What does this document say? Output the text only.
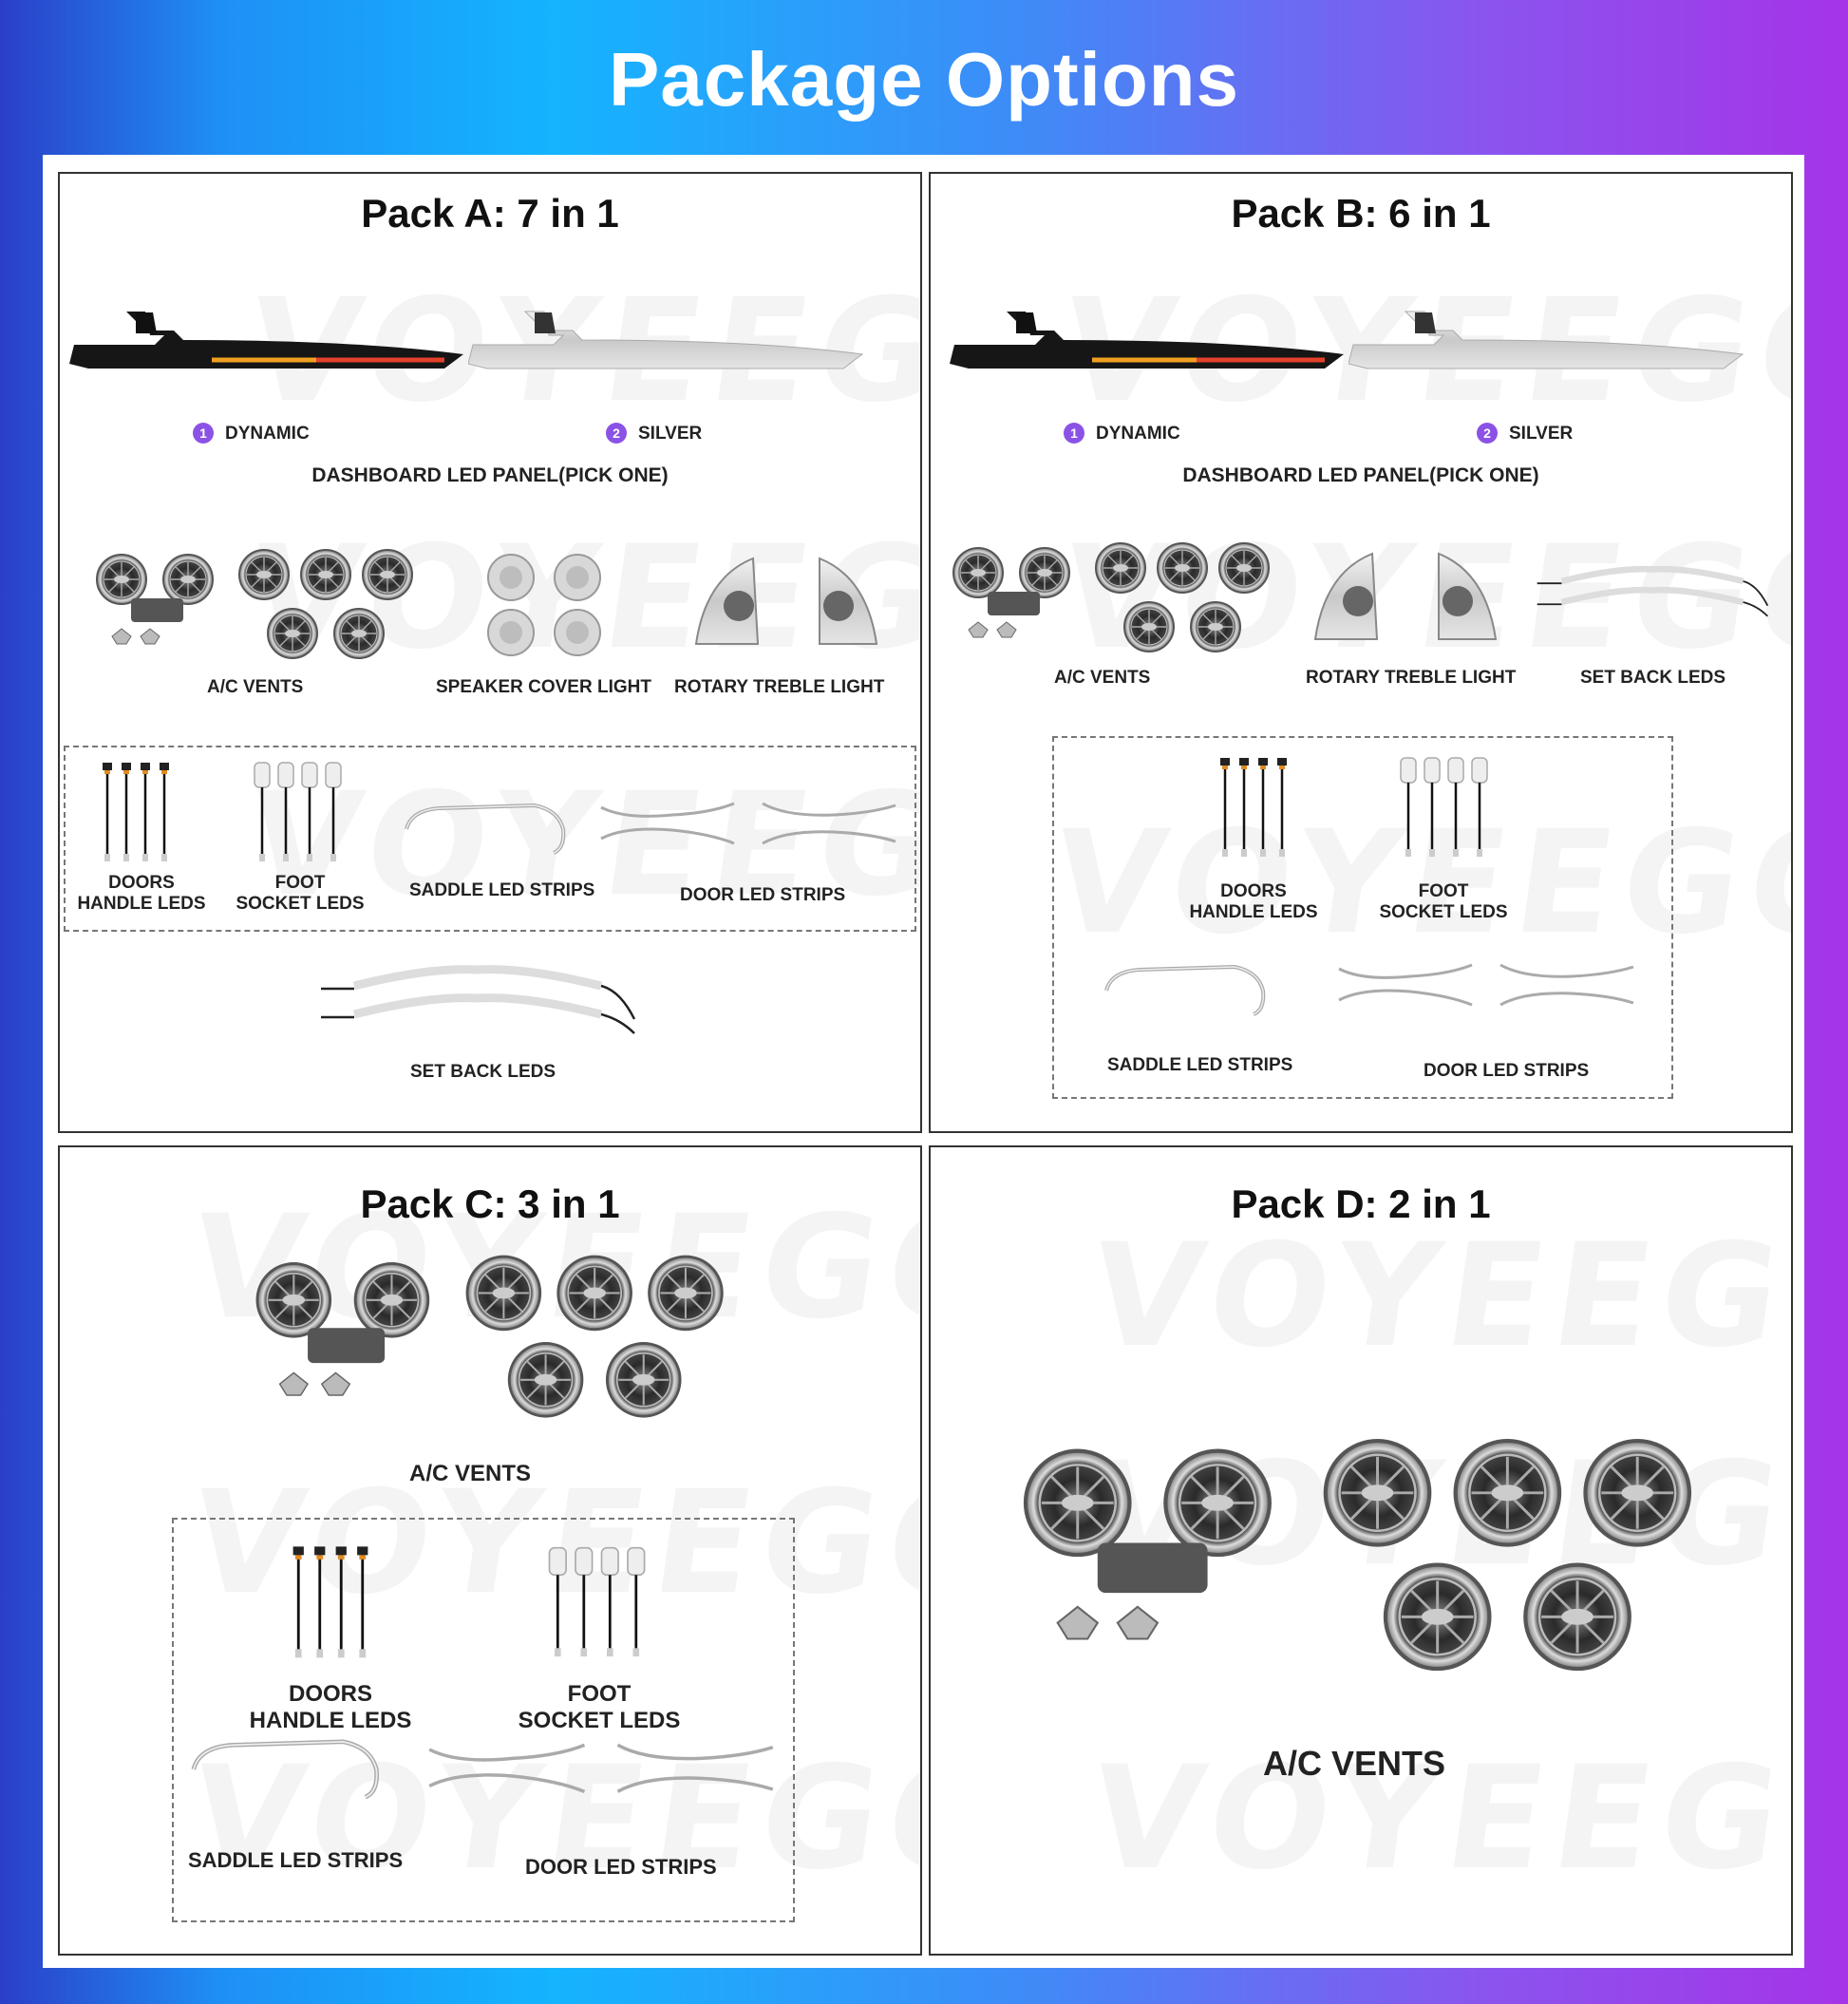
Package Options
Pack A: 7 in 1
1 DYNAMIC	2 SILVER
DASHBOARD LED PANEL(PICK ONE)
A/C VENTS	SPEAKER COVER LIGHT ROTARY TREBLE LIGHT
DOORS
HANDLE LEDS
FOOT
SOCKET LEDS
SADDLE LED STRIPS	DOOR LED STRIPS
SET BACK LEDS
Pack B: 6 in 1
1 DYNAMIC	2 SILVER
DASHBOARD LED PANEL(PICK ONE)
A/C VENTS	ROTARY TREBLE LIGHT	SET BACK LEDS
DOORS
HANDLE LEDS
FOOT
SOCKET LEDS
SADDLE LED STRIPS	DOOR LED STRIPS
Pack C: 3 in 1
A/C VENTS
DOORS
HANDLE LEDS
FOOT
SOCKET LEDS
SADDLE LED STRIPS	DOOR LED STRIPS
Pack D: 2 in 1
A/C VENTS
